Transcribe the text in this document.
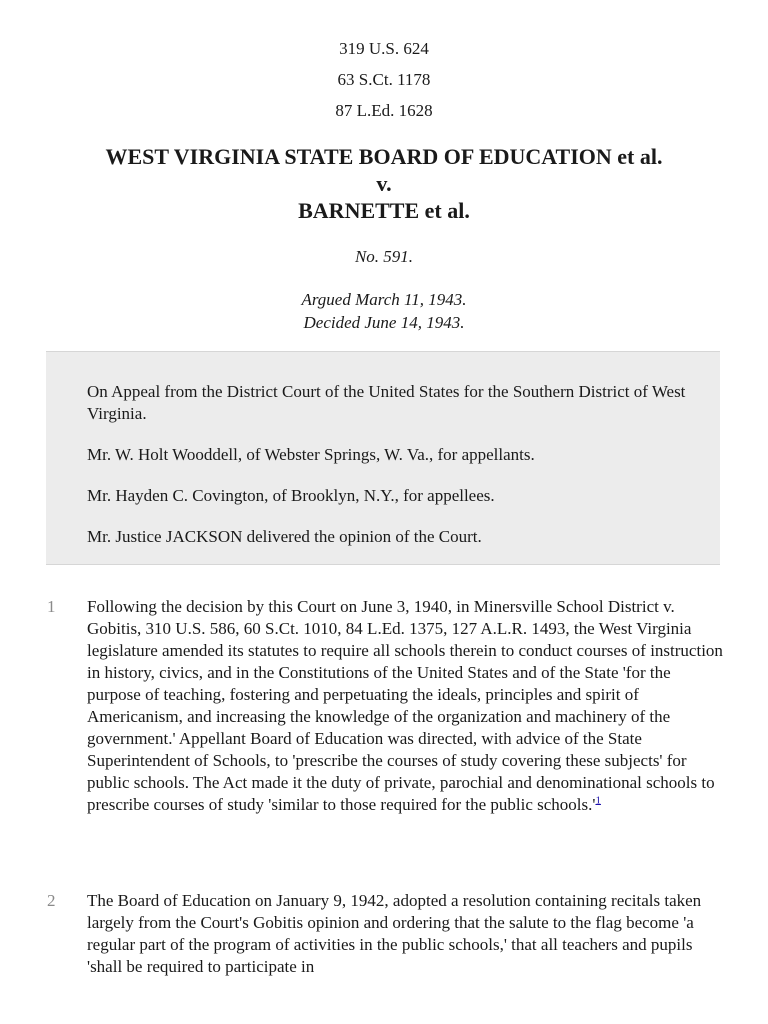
319 U.S. 624
63 S.Ct. 1178
87 L.Ed. 1628
WEST VIRGINIA STATE BOARD OF EDUCATION et al.
v.
BARNETTE et al.
No. 591.
Argued March 11, 1943.
Decided June 14, 1943.

On Appeal from the District Court of the United States for the Southern District of West Virginia.

Mr. W. Holt Wooddell, of Webster Springs, W. Va., for appellants.

Mr. Hayden C. Covington, of Brooklyn, N.Y., for appellees.

Mr. Justice JACKSON delivered the opinion of the Court.

1 Following the decision by this Court on June 3, 1940, in Minersville School District v. Gobitis, 310 U.S. 586, 60 S.Ct. 1010, 84 L.Ed. 1375, 127 A.L.R. 1493, the West Virginia legislature amended its statutes to require all schools therein to conduct courses of instruction in history, civics, and in the Constitutions of the United States and of the State 'for the purpose of teaching, fostering and perpetuating the ideals, principles and spirit of Americanism, and increasing the knowledge of the organization and machinery of the government.' Appellant Board of Education was directed, with advice of the State Superintendent of Schools, to 'prescribe the courses of study covering these subjects' for public schools. The Act made it the duty of private, parochial and denominational schools to prescribe courses of study 'similar to those required for the public schools.'$^1$

2 The Board of Education on January 9, 1942, adopted a resolution containing recitals taken largely from the Court's Gobitis opinion and ordering that the salute to the flag become 'a regular part of the program of activities in the public schools,' that all teachers and pupils 'shall be required to participate in
